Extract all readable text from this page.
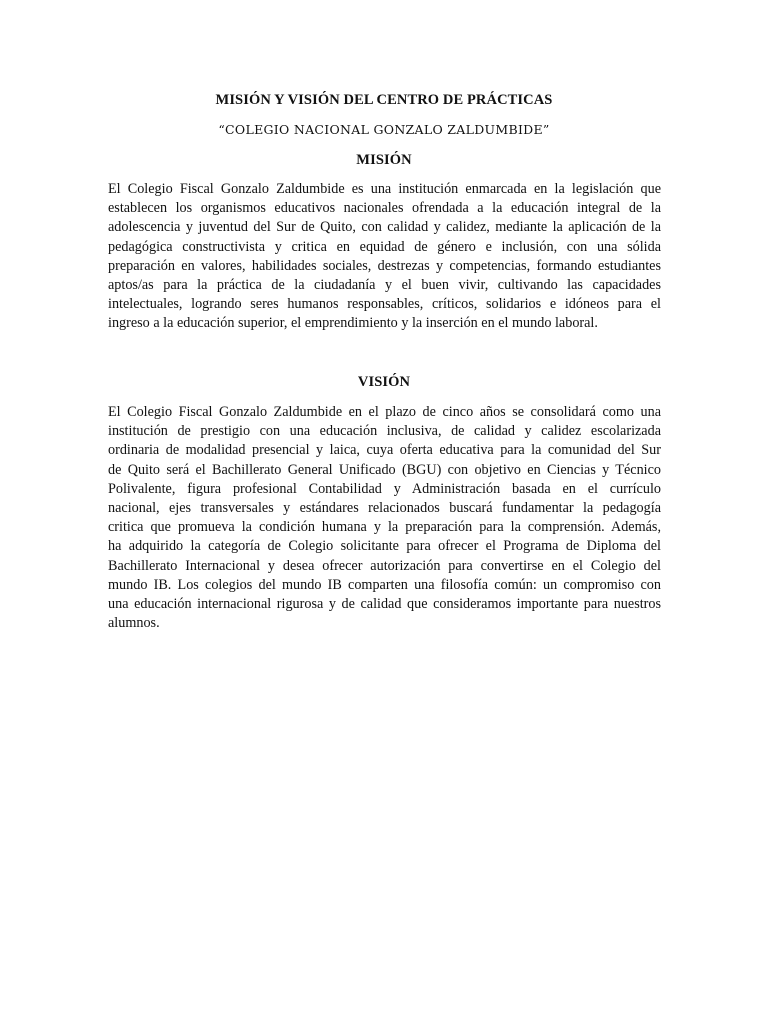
MISIÓN Y VISIÓN DEL CENTRO DE PRÁCTICAS
“COLEGIO NACIONAL GONZALO ZALDUMBIDE”
MISIÓN
El Colegio Fiscal Gonzalo Zaldumbide es una institución enmarcada en la legislación que
establecen los organismos educativos nacionales ofrendada a la educación integral de la
adolescencia y juventud del Sur de Quito, con calidad y calidez, mediante la aplicación de la
pedagógica constructivista y critica en equidad de género e inclusión, con una sólida
preparación en valores, habilidades sociales, destrezas y competencias, formando estudiantes
aptos/as para la práctica de la ciudadanía y el buen vivir, cultivando las capacidades
intelectuales, logrando seres humanos responsables, críticos, solidarios e idóneos para el
ingreso a la educación superior, el emprendimiento y la inserción en el mundo laboral.
VISIÓN
El Colegio Fiscal Gonzalo Zaldumbide en el plazo de cinco años se consolidará como una
institución de prestigio con una educación inclusiva, de calidad y calidez escolarizada
ordinaria de modalidad presencial y laica, cuya oferta educativa para la comunidad del Sur
de Quito será el Bachillerato General Unificado (BGU) con objetivo en Ciencias y Técnico
Polivalente, figura profesional Contabilidad y Administración basada en el currículo
nacional, ejes transversales y estándares relacionados buscará fundamentar la pedagogía
critica que promueva la condición humana y la preparación para la comprensión. Además,
ha adquirido la categoría de Colegio solicitante para ofrecer el Programa de Diploma del
Bachillerato Internacional y desea ofrecer autorización para convertirse en el Colegio del
mundo IB. Los colegios del mundo IB comparten una filosofía común: un compromiso con
una educación internacional rigurosa y de calidad que consideramos importante para nuestros
alumnos.
